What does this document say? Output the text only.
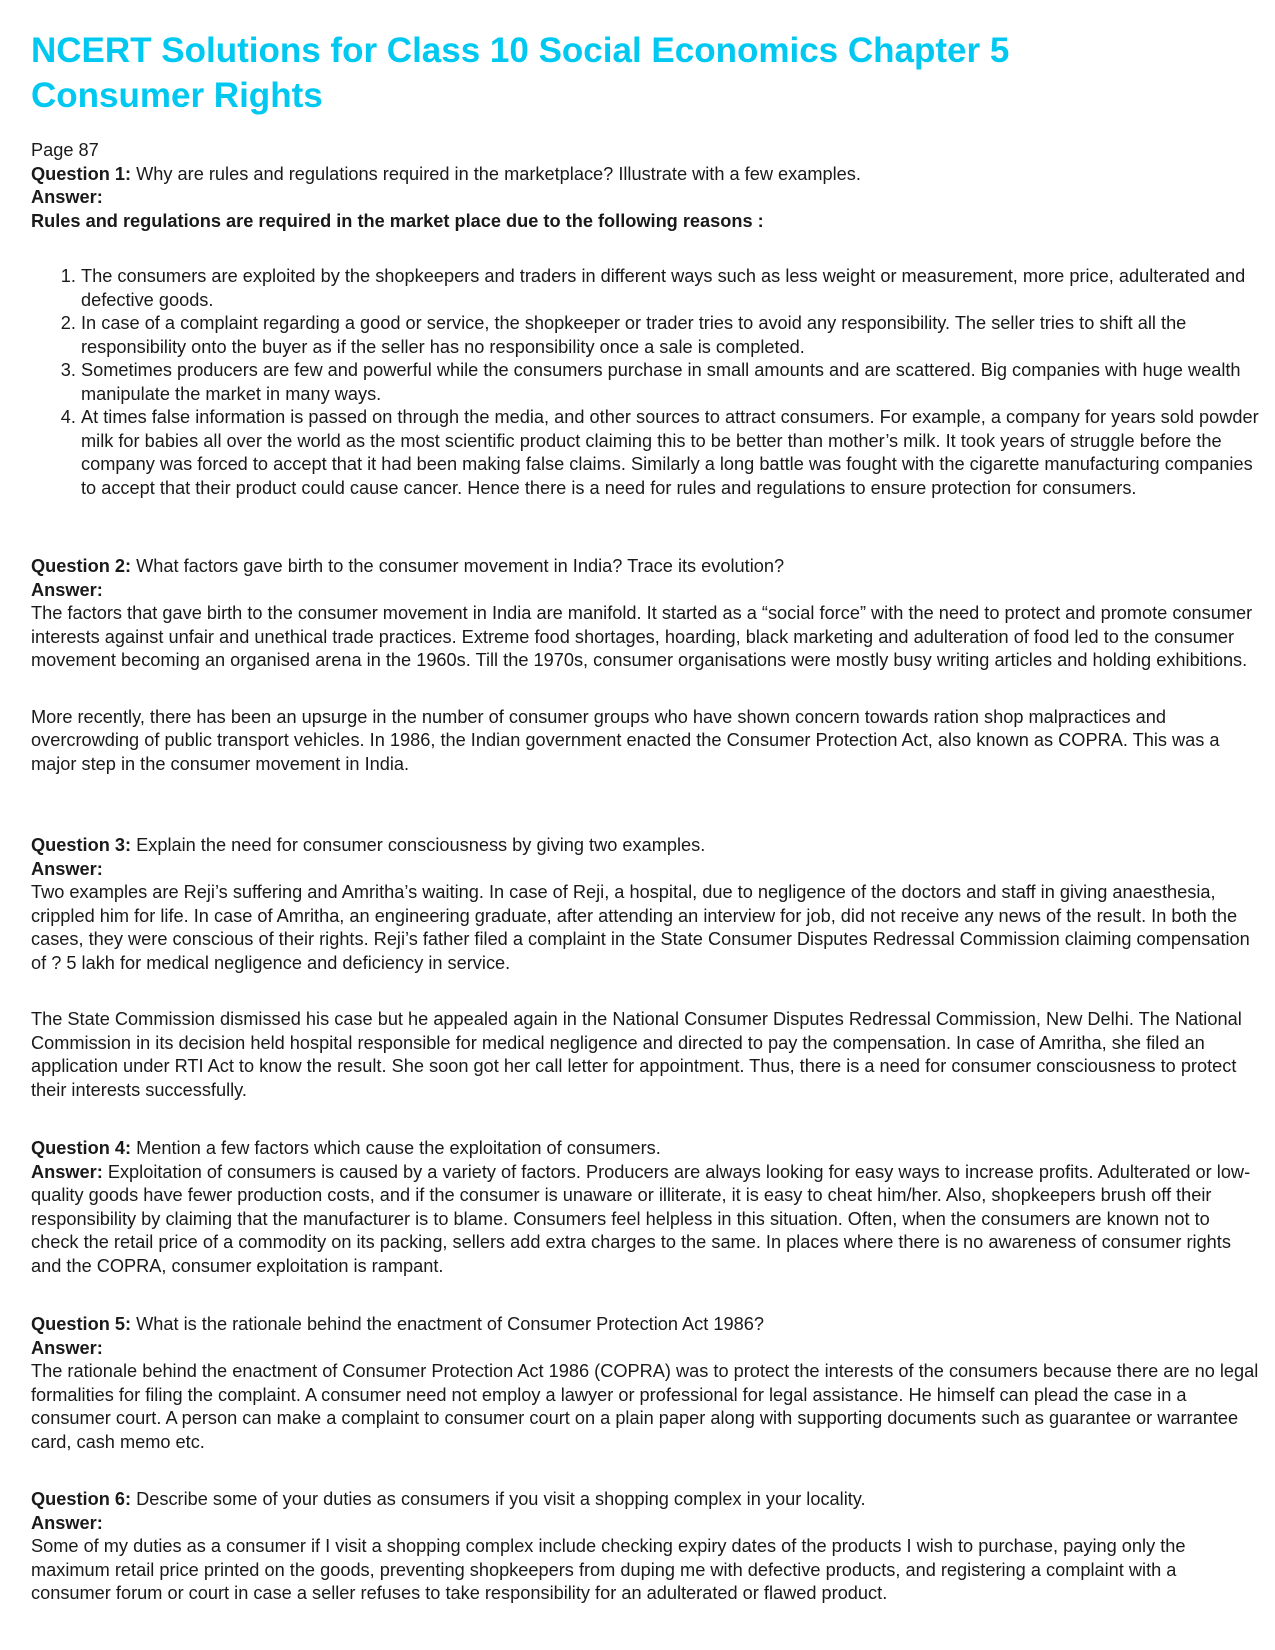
NCERT Solutions for Class 10 Social Economics Chapter 5
Consumer Rights

Page 87

Question 1: Why are rules and regulations required in the marketplace? Illustrate with a few examples.

Answer:

Rules and regulations are required in the market place due to the following reasons :

1. The consumers are exploited by the shopkeepers and traders in different ways such as less weight or measurement, more price, adulterated and defective goods.
2. In case of a complaint regarding a good or service, the shopkeeper or trader tries to avoid any responsibility. The seller tries to shift all the responsibility onto the buyer as if the seller has no responsibility once a sale is completed.
3. Sometimes producers are few and powerful while the consumers purchase in small amounts and are scattered. Big companies with huge wealth manipulate the market in many ways.
4. At times false information is passed on through the media, and other sources to attract consumers. For example, a company for years sold powder milk for babies all over the world as the most scientific product claiming this to be better than mother’s milk. It took years of struggle before the company was forced to accept that it had been making false claims. Similarly a long battle was fought with the cigarette manufacturing companies to accept that their product could cause cancer. Hence there is a need for rules and regulations to ensure protection for consumers.

Question 2: What factors gave birth to the consumer movement in India? Trace its evolution?

Answer:

The factors that gave birth to the consumer movement in India are manifold. It started as a “social force” with the need to protect and promote consumer interests against unfair and unethical trade practices. Extreme food shortages, hoarding, black marketing and adulteration of food led to the consumer movement becoming an organised arena in the 1960s. Till the 1970s, consumer organisations were mostly busy writing articles and holding exhibitions.

More recently, there has been an upsurge in the number of consumer groups who have shown concern towards ration shop malpractices and overcrowding of public transport vehicles. In 1986, the Indian government enacted the Consumer Protection Act, also known as COPRA. This was a major step in the consumer movement in India.

Question 3: Explain the need for consumer consciousness by giving two examples.

Answer:

Two examples are Reji’s suffering and Amritha’s waiting. In case of Reji, a hospital, due to negligence of the doctors and staff in giving anaesthesia, crippled him for life. In case of Amritha, an engineering graduate, after attending an interview for job, did not receive any news of the result. In both the cases, they were conscious of their rights. Reji’s father filed a complaint in the State Consumer Disputes Redressal Commission claiming compensation of ? 5 lakh for medical negligence and deficiency in service.

The State Commission dismissed his case but he appealed again in the National Consumer Disputes Redressal Commission, New Delhi. The National Commission in its decision held hospital responsible for medical negligence and directed to pay the compensation. In case of Amritha, she filed an application under RTI Act to know the result. She soon got her call letter for appointment. Thus, there is a need for consumer consciousness to protect their interests successfully.

Question 4: Mention a few factors which cause the exploitation of consumers.

Answer: Exploitation of consumers is caused by a variety of factors. Producers are always looking for easy ways to increase profits. Adulterated or low-quality goods have fewer production costs, and if the consumer is unaware or illiterate, it is easy to cheat him/her. Also, shopkeepers brush off their responsibility by claiming that the manufacturer is to blame. Consumers feel helpless in this situation. Often, when the consumers are known not to check the retail price of a commodity on its packing, sellers add extra charges to the same. In places where there is no awareness of consumer rights and the COPRA, consumer exploitation is rampant.

Question 5: What is the rationale behind the enactment of Consumer Protection Act 1986?

Answer:

The rationale behind the enactment of Consumer Protection Act 1986 (COPRA) was to protect the interests of the consumers because there are no legal formalities for filing the complaint. A consumer need not employ a lawyer or professional for legal assistance. He himself can plead the case in a consumer court. A person can make a complaint to consumer court on a plain paper along with supporting documents such as guarantee or warrantee card, cash memo etc.

Question 6: Describe some of your duties as consumers if you visit a shopping complex in your locality.

Answer:

Some of my duties as a consumer if I visit a shopping complex include checking expiry dates of the products I wish to purchase, paying only the maximum retail price printed on the goods, preventing shopkeepers from duping me with defective products, and registering a complaint with a consumer forum or court in case a seller refuses to take responsibility for an adulterated or flawed product.
